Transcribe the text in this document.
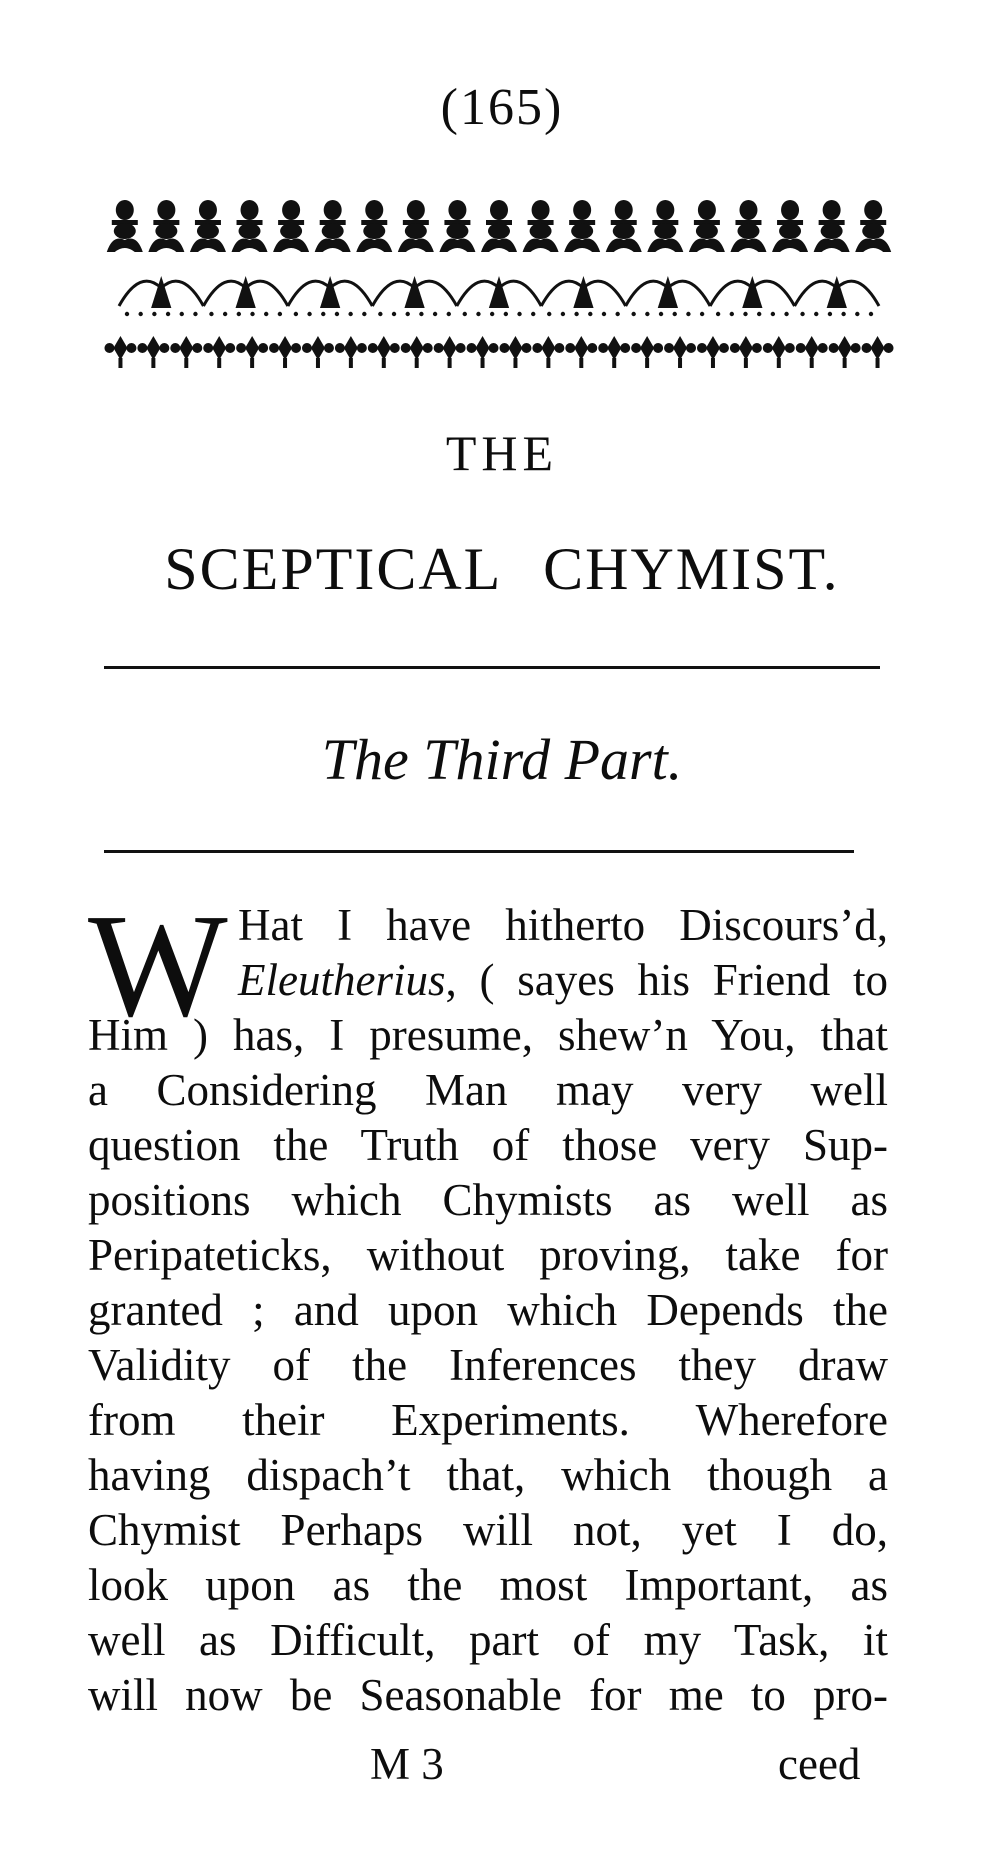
(165)
THE
SCEPTICAL CHYMIST.
The Third Part.
W Hat I have hitherto Discours’d,
Eleutherius, ( sayes his Friend to
Him ) has, I presume, shew’n You, that
a Considering Man may very well
question the Truth of those very Sup-
positions which Chymists as well as
Peripateticks, without proving, take for
granted ; and upon which Depends the
Validity of the Inferences they draw
from their Experiments. Wherefore
having dispach’t that, which though a
Chymist Perhaps will not, yet I do,
look upon as the most Important, as
well as Difficult, part of my Task, it
will now be Seasonable for me to pro-
M 3	ceed
